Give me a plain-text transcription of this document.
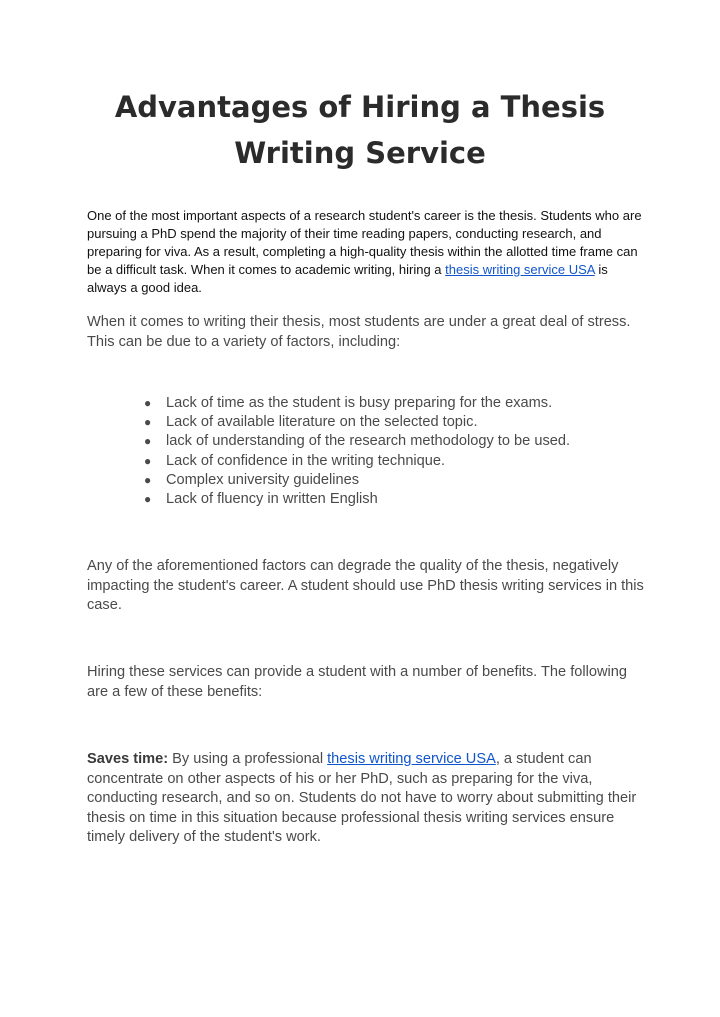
Advantages of Hiring a Thesis Writing Service

One of the most important aspects of a research student's career is the thesis. Students who are pursuing a PhD spend the majority of their time reading papers, conducting research, and preparing for viva. As a result, completing a high-quality thesis within the allotted time frame can be a difficult task. When it comes to academic writing, hiring a thesis writing service USA is always a good idea.

When it comes to writing their thesis, most students are under a great deal of stress. This can be due to a variety of factors, including:

● Lack of time as the student is busy preparing for the exams.
● Lack of available literature on the selected topic.
● lack of understanding of the research methodology to be used.
● Lack of confidence in the writing technique.
● Complex university guidelines
● Lack of fluency in written English

Any of the aforementioned factors can degrade the quality of the thesis, negatively impacting the student's career. A student should use PhD thesis writing services in this case.

Hiring these services can provide a student with a number of benefits. The following are a few of these benefits:

Saves time: By using a professional thesis writing service USA, a student can concentrate on other aspects of his or her PhD, such as preparing for the viva, conducting research, and so on. Students do not have to worry about submitting their thesis on time in this situation because professional thesis writing services ensure timely delivery of the student's work.
